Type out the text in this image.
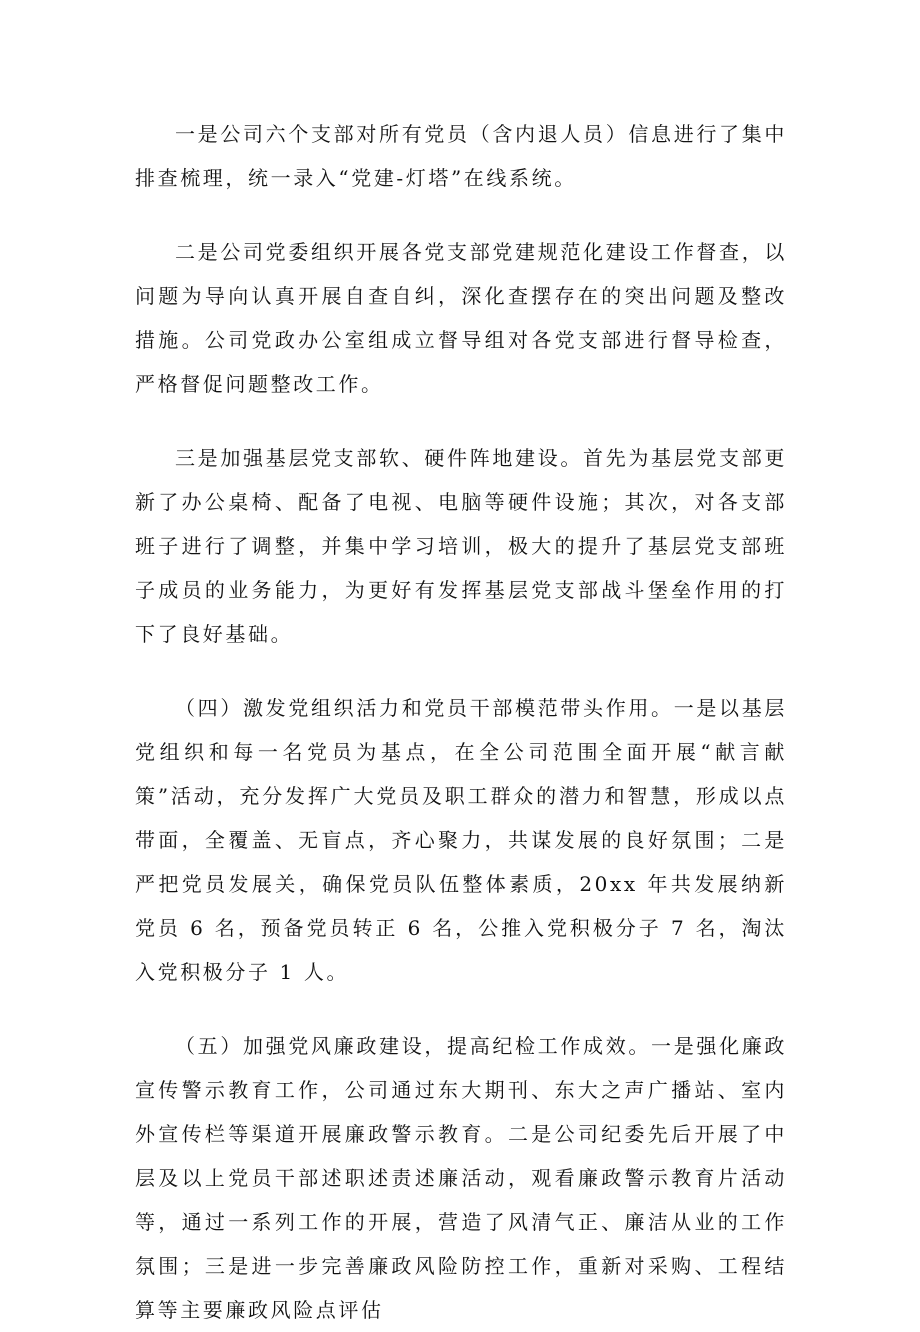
一是公司六个支部对所有党员（含内退人员）信息进行了集中排查梳理，统一录入“党建-灯塔”在线系统。

二是公司党委组织开展各党支部党建规范化建设工作督查，以问题为导向认真开展自查自纠，深化查摆存在的突出问题及整改措施。公司党政办公室组成立督导组对各党支部进行督导检查，严格督促问题整改工作。

三是加强基层党支部软、硬件阵地建设。首先为基层党支部更新了办公桌椅、配备了电视、电脑等硬件设施；其次，对各支部班子进行了调整，并集中学习培训，极大的提升了基层党支部班子成员的业务能力，为更好有发挥基层党支部战斗堡垒作用的打下了良好基础。

（四）激发党组织活力和党员干部模范带头作用。一是以基层党组织和每一名党员为基点，在全公司范围全面开展“献言献策”活动，充分发挥广大党员及职工群众的潜力和智慧，形成以点带面，全覆盖、无盲点，齐心聚力，共谋发展的良好氛围；二是严把党员发展关，确保党员队伍整体素质，20xx 年共发展纳新党员 6 名，预备党员转正 6 名，公推入党积极分子 7 名，淘汰入党积极分子 1 人。

（五）加强党风廉政建设，提高纪检工作成效。一是强化廉政宣传警示教育工作，公司通过东大期刊、东大之声广播站、室内外宣传栏等渠道开展廉政警示教育。二是公司纪委先后开展了中层及以上党员干部述职述责述廉活动，观看廉政警示教育片活动等，通过一系列工作的开展，营造了风清气正、廉洁从业的工作氛围；三是进一步完善廉政风险防控工作，重新对采购、工程结算等主要廉政风险点评估
